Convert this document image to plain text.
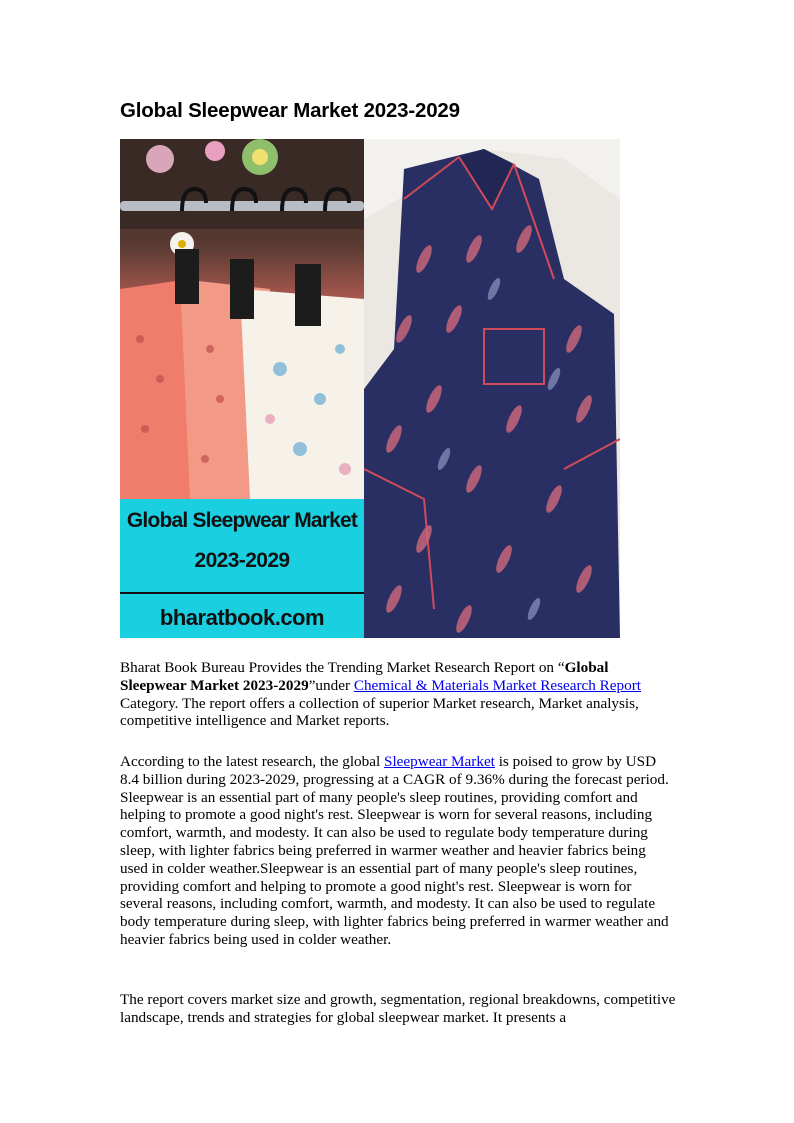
Global Sleepwear Market 2023-2029
Global Sleepwear Market
2023-2029
bharatbook.com

Bharat Book Bureau Provides the Trending Market Research Report on “Global Sleepwear Market 2023-2029”under Chemical & Materials Market Research Report Category. The report offers a collection of superior Market research, Market analysis, competitive intelligence and Market reports.

According to the latest research, the global Sleepwear Market is poised to grow by USD 8.4 billion during 2023-2029, progressing at a CAGR of 9.36% during the forecast period. Sleepwear is an essential part of many people's sleep routines, providing comfort and helping to promote a good night's rest. Sleepwear is worn for several reasons, including comfort, warmth, and modesty. It can also be used to regulate body temperature during sleep, with lighter fabrics being preferred in warmer weather and heavier fabrics being used in colder weather.Sleepwear is an essential part of many people's sleep routines, providing comfort and helping to promote a good night's rest. Sleepwear is worn for several reasons, including comfort, warmth, and modesty. It can also be used to regulate body temperature during sleep, with lighter fabrics being preferred in warmer weather and heavier fabrics being used in colder weather.

The report covers market size and growth, segmentation, regional breakdowns, competitive landscape, trends and strategies for global sleepwear market. It presents a
